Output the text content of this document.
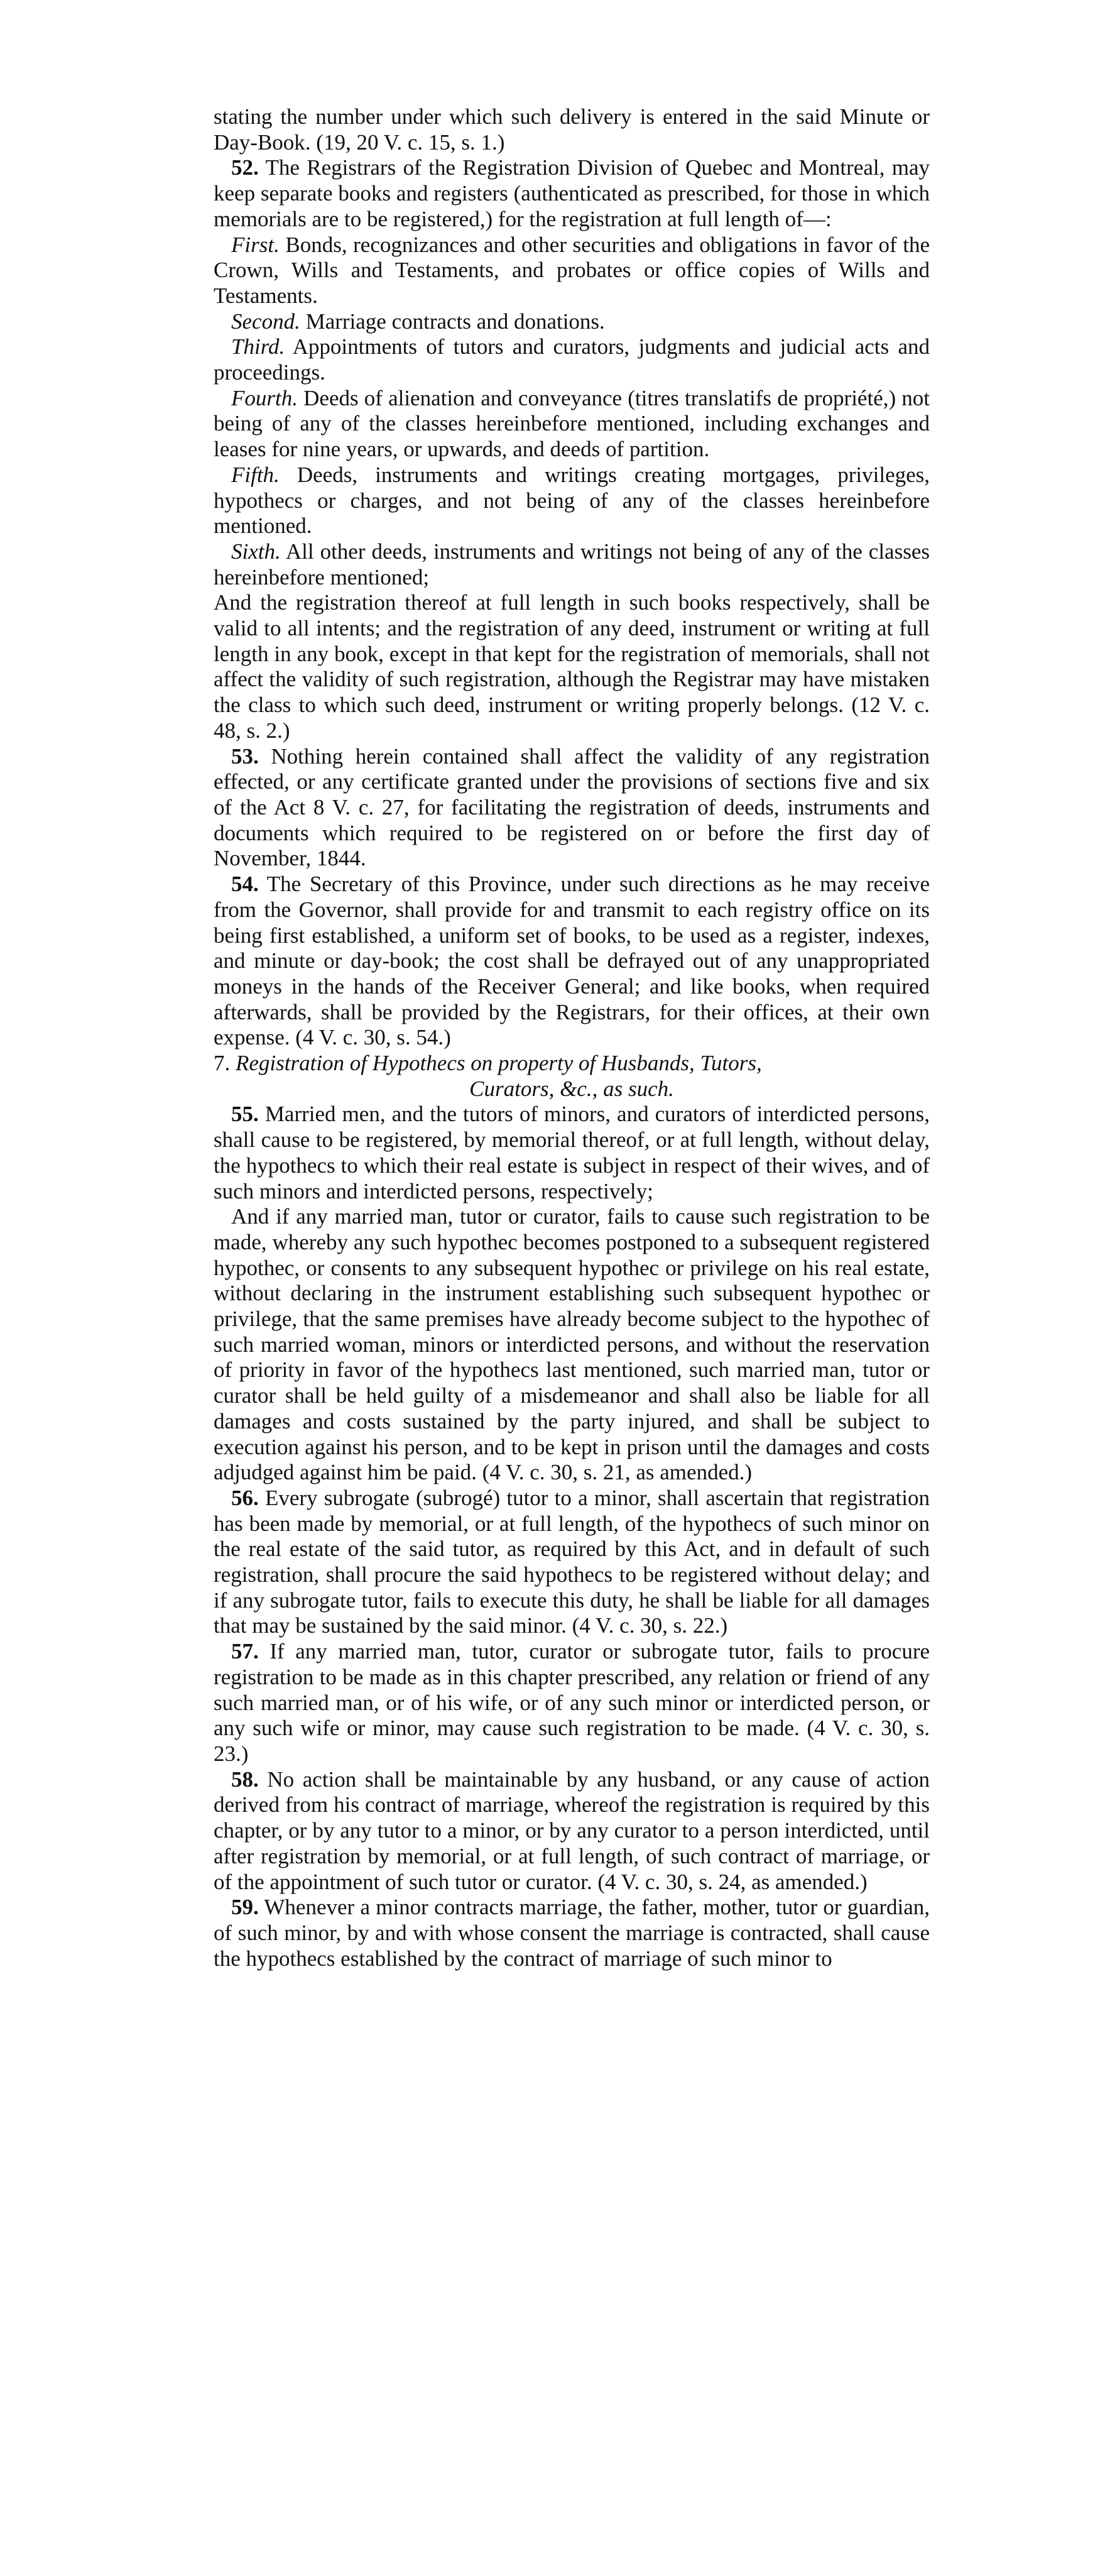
stating the number under which such delivery is entered in the said Minute or Day-Book. (19, 20 V. c. 15, s. 1.)

52. The Registrars of the Registration Division of Quebec and Montreal, may keep separate books and registers (authenticated as prescribed, for those in which memorials are to be registered,) for the registration at full length of—:

First. Bonds, recognizances and other securities and obligations in favor of the Crown, Wills and Testaments, and probates or office copies of Wills and Testaments.

Second. Marriage contracts and donations.

Third. Appointments of tutors and curators, judgments and judicial acts and proceedings.

Fourth. Deeds of alienation and conveyance (titres translatifs de propriété,) not being of any of the classes hereinbefore mentioned, including exchanges and leases for nine years, or upwards, and deeds of partition.

Fifth. Deeds, instruments and writings creating mortgages, privileges, hypothecs or charges, and not being of any of the classes hereinbefore mentioned.

Sixth. All other deeds, instruments and writings not being of any of the classes hereinbefore mentioned;

And the registration thereof at full length in such books respectively, shall be valid to all intents; and the registration of any deed, instrument or writing at full length in any book, except in that kept for the registration of memorials, shall not affect the validity of such registration, although the Registrar may have mistaken the class to which such deed, instrument or writing properly belongs. (12 V. c. 48, s. 2.)

53. Nothing herein contained shall affect the validity of any registration effected, or any certificate granted under the provisions of sections five and six of the Act 8 V. c. 27, for facilitating the registration of deeds, instruments and documents which required to be registered on or before the first day of November, 1844.

54. The Secretary of this Province, under such directions as he may receive from the Governor, shall provide for and transmit to each registry office on its being first established, a uniform set of books, to be used as a register, indexes, and minute or day-book; the cost shall be defrayed out of any unappropriated moneys in the hands of the Receiver General; and like books, when required afterwards, shall be provided by the Registrars, for their offices, at their own expense. (4 V. c. 30, s. 54.)

7. Registration of Hypothecs on property of Husbands, Tutors,
Curators, &c., as such.

55. Married men, and the tutors of minors, and curators of interdicted persons, shall cause to be registered, by memorial thereof, or at full length, without delay, the hypothecs to which their real estate is subject in respect of their wives, and of such minors and interdicted persons, respectively;

And if any married man, tutor or curator, fails to cause such registration to be made, whereby any such hypothec becomes postponed to a subsequent registered hypothec, or consents to any subsequent hypothec or privilege on his real estate, without declaring in the instrument establishing such subsequent hypothec or privilege, that the same premises have already become subject to the hypothec of such married woman, minors or interdicted persons, and without the reservation of priority in favor of the hypothecs last mentioned, such married man, tutor or curator shall be held guilty of a misdemeanor and shall also be liable for all damages and costs sustained by the party injured, and shall be subject to execution against his person, and to be kept in prison until the damages and costs adjudged against him be paid. (4 V. c. 30, s. 21, as amended.)

56. Every subrogate (subrogé) tutor to a minor, shall ascertain that registration has been made by memorial, or at full length, of the hypothecs of such minor on the real estate of the said tutor, as required by this Act, and in default of such registration, shall procure the said hypothecs to be registered without delay; and if any subrogate tutor, fails to execute this duty, he shall be liable for all damages that may be sustained by the said minor. (4 V. c. 30, s. 22.)

57. If any married man, tutor, curator or subrogate tutor, fails to procure registration to be made as in this chapter prescribed, any relation or friend of any such married man, or of his wife, or of any such minor or interdicted person, or any such wife or minor, may cause such registration to be made. (4 V. c. 30, s. 23.)

58. No action shall be maintainable by any husband, or any cause of action derived from his contract of marriage, whereof the registration is required by this chapter, or by any tutor to a minor, or by any curator to a person interdicted, until after registration by memorial, or at full length, of such contract of marriage, or of the appointment of such tutor or curator. (4 V. c. 30, s. 24, as amended.)

59. Whenever a minor contracts marriage, the father, mother, tutor or guardian, of such minor, by and with whose consent the marriage is contracted, shall cause the hypothecs established by the contract of marriage of such minor to
